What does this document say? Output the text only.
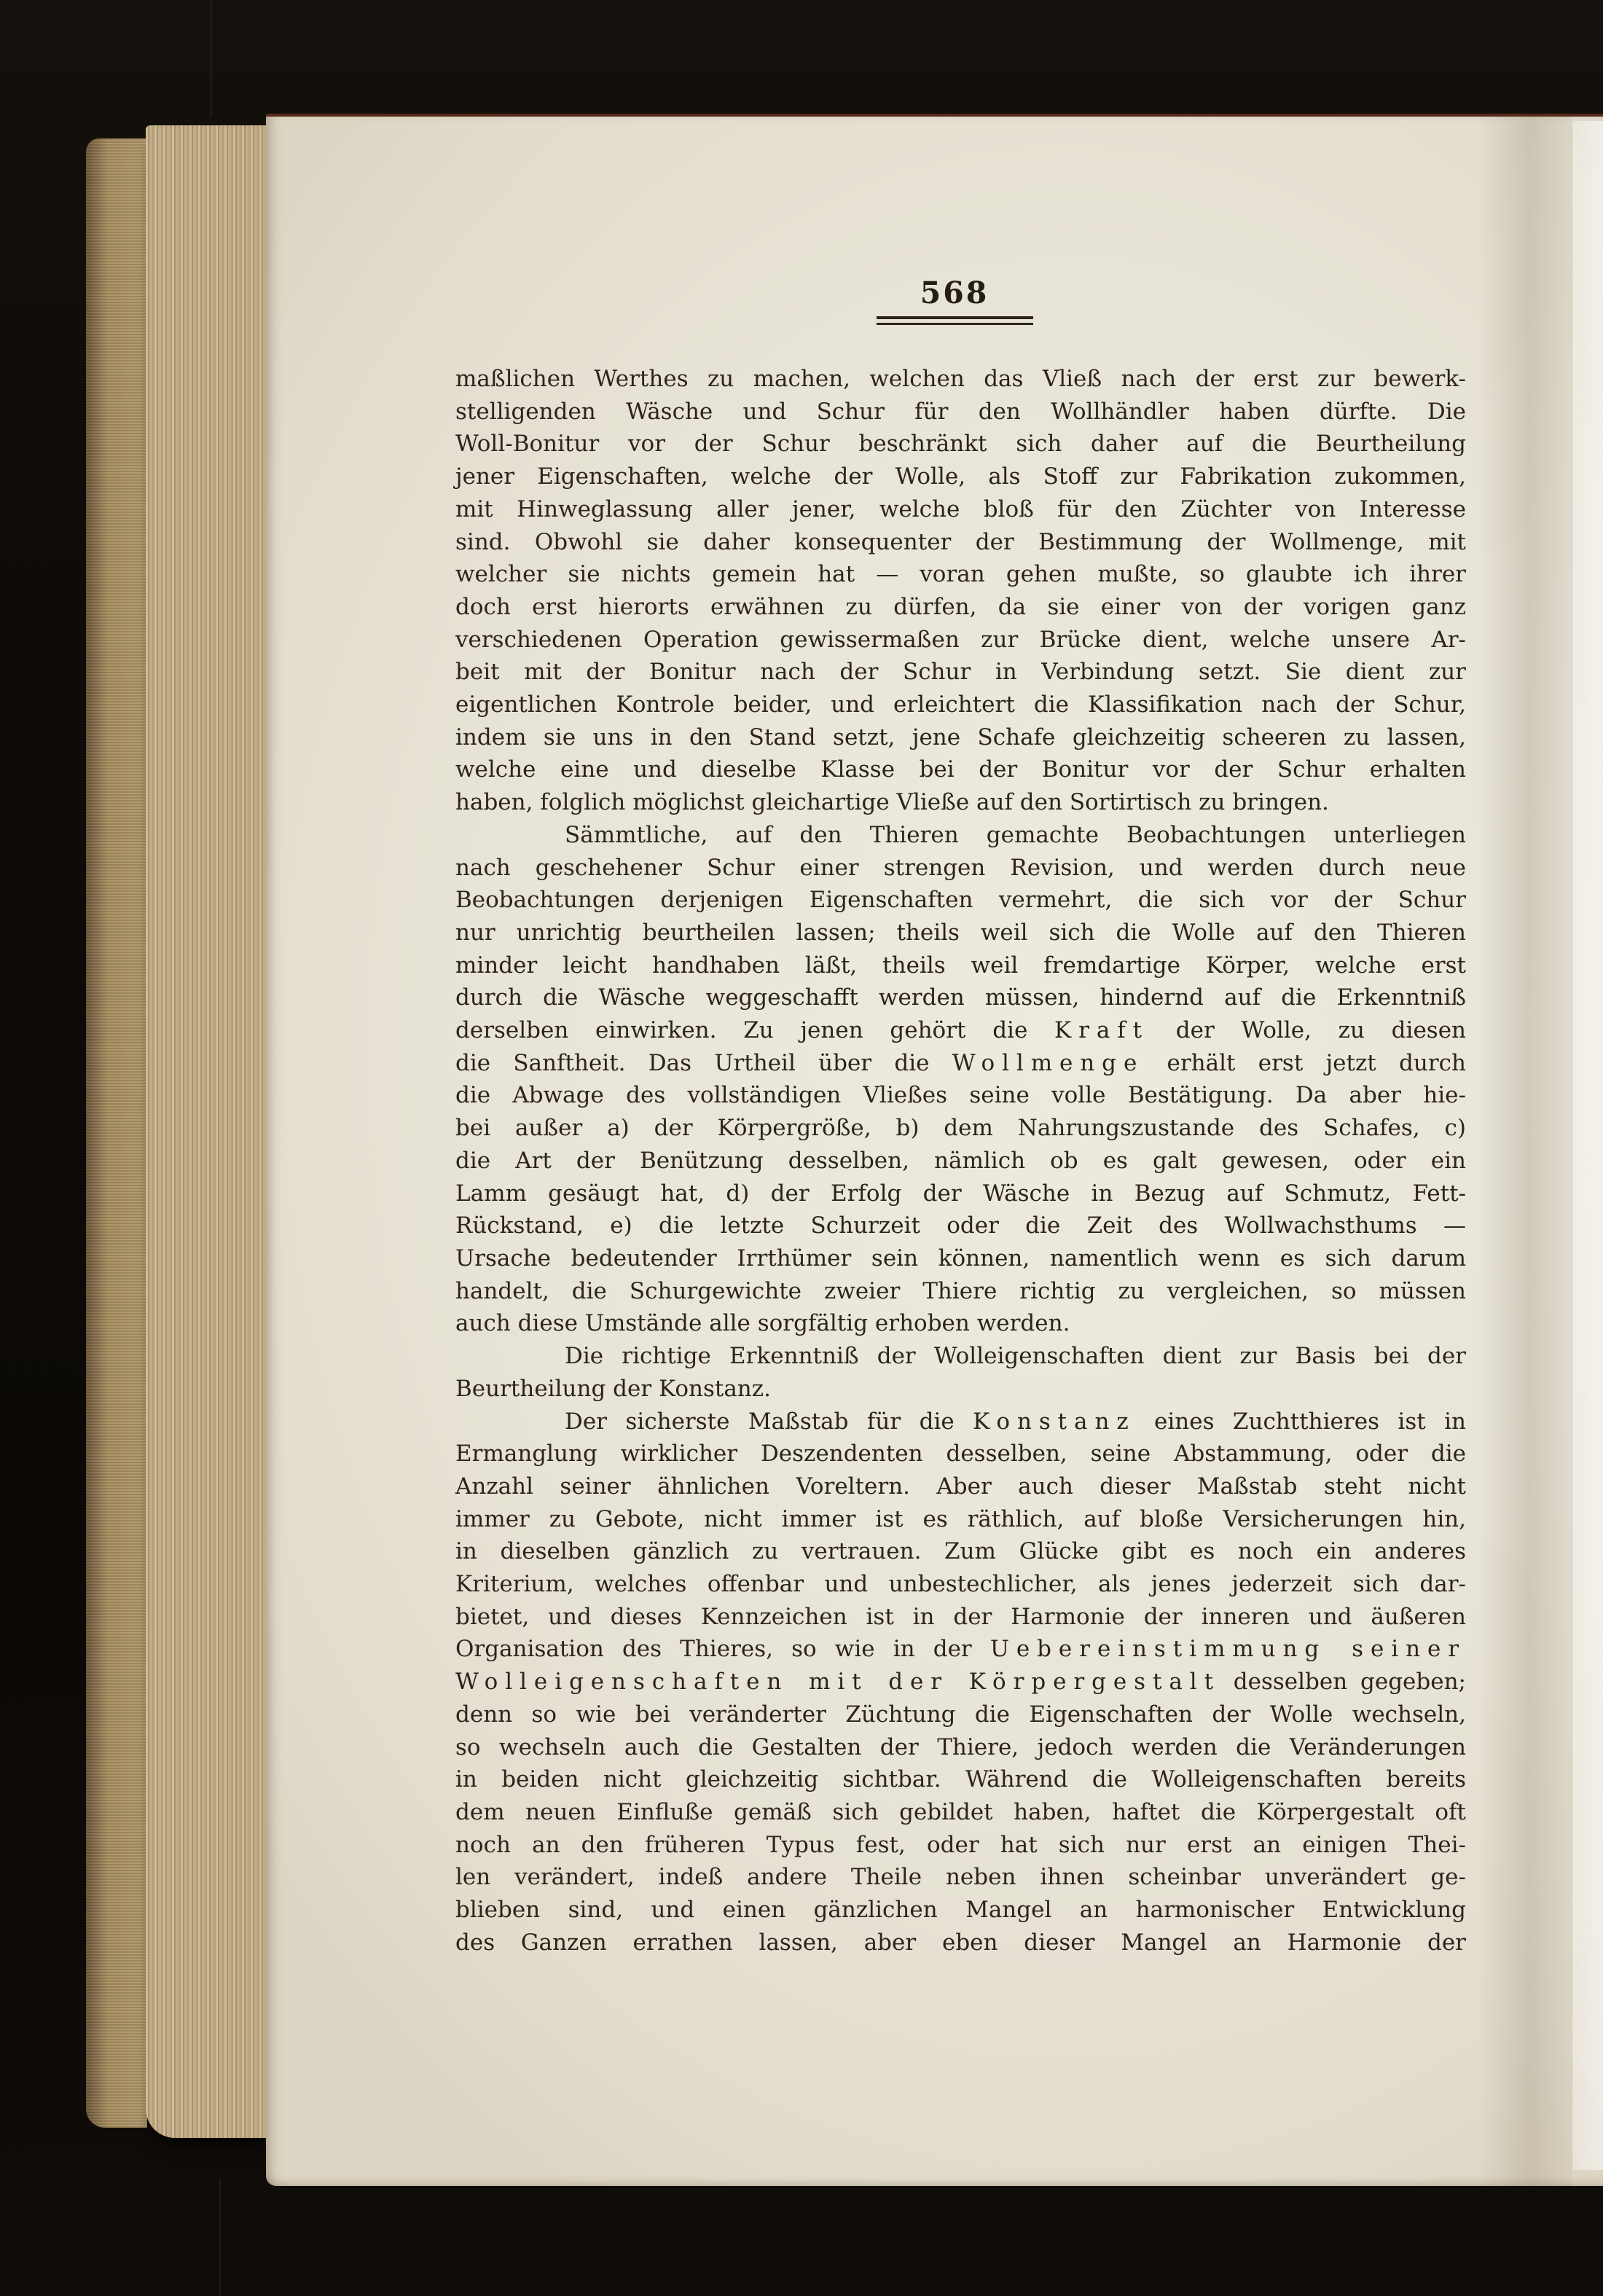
568
maßlichen Werthes zu machen, welchen das Vließ nach der erst zur bewerk-
stelligenden Wäsche und Schur für den Wollhändler haben dürfte. Die
Woll-Bonitur vor der Schur beschränkt sich daher auf die Beurtheilung
jener Eigenschaften, welche der Wolle, als Stoff zur Fabrikation zukommen,
mit Hinweglassung aller jener, welche bloß für den Züchter von Interesse
sind. Obwohl sie daher konsequenter der Bestimmung der Wollmenge, mit
welcher sie nichts gemein hat — voran gehen mußte, so glaubte ich ihrer
doch erst hierorts erwähnen zu dürfen, da sie einer von der vorigen ganz
verschiedenen Operation gewissermaßen zur Brücke dient, welche unsere Ar-
beit mit der Bonitur nach der Schur in Verbindung setzt. Sie dient zur
eigentlichen Kontrole beider, und erleichtert die Klassifikation nach der Schur,
indem sie uns in den Stand setzt, jene Schafe gleichzeitig scheeren zu lassen,
welche eine und dieselbe Klasse bei der Bonitur vor der Schur erhalten
haben, folglich möglichst gleichartige Vließe auf den Sortirtisch zu bringen.
Sämmtliche, auf den Thieren gemachte Beobachtungen unterliegen
nach geschehener Schur einer strengen Revision, und werden durch neue
Beobachtungen derjenigen Eigenschaften vermehrt, die sich vor der Schur
nur unrichtig beurtheilen lassen; theils weil sich die Wolle auf den Thieren
minder leicht handhaben läßt, theils weil fremdartige Körper, welche erst
durch die Wäsche weggeschafft werden müssen, hindernd auf die Erkenntniß
derselben einwirken. Zu jenen gehört die Kraft der Wolle, zu diesen
die Sanftheit. Das Urtheil über die Wollmenge erhält erst jetzt durch
die Abwage des vollständigen Vließes seine volle Bestätigung. Da aber hie-
bei außer a) der Körpergröße, b) dem Nahrungszustande des Schafes, c)
die Art der Benützung desselben, nämlich ob es galt gewesen, oder ein
Lamm gesäugt hat, d) der Erfolg der Wäsche in Bezug auf Schmutz, Fett-
Rückstand, e) die letzte Schurzeit oder die Zeit des Wollwachsthums —
Ursache bedeutender Irrthümer sein können, namentlich wenn es sich darum
handelt, die Schurgewichte zweier Thiere richtig zu vergleichen, so müssen
auch diese Umstände alle sorgfältig erhoben werden.
Die richtige Erkenntniß der Wolleigenschaften dient zur Basis bei der
Beurtheilung der Konstanz.
Der sicherste Maßstab für die Konstanz eines Zuchtthieres ist in
Ermanglung wirklicher Deszendenten desselben, seine Abstammung, oder die
Anzahl seiner ähnlichen Voreltern. Aber auch dieser Maßstab steht nicht
immer zu Gebote, nicht immer ist es räthlich, auf bloße Versicherungen hin,
in dieselben gänzlich zu vertrauen. Zum Glücke gibt es noch ein anderes
Kriterium, welches offenbar und unbestechlicher, als jenes jederzeit sich dar-
bietet, und dieses Kennzeichen ist in der Harmonie der inneren und äußeren
Organisation des Thieres, so wie in der Uebereinstimmung seiner
Wolleigenschaften mit der Körpergestalt desselben gegeben;
denn so wie bei veränderter Züchtung die Eigenschaften der Wolle wechseln,
so wechseln auch die Gestalten der Thiere, jedoch werden die Veränderungen
in beiden nicht gleichzeitig sichtbar. Während die Wolleigenschaften bereits
dem neuen Einfluße gemäß sich gebildet haben, haftet die Körpergestalt oft
noch an den früheren Typus fest, oder hat sich nur erst an einigen Thei-
len verändert, indeß andere Theile neben ihnen scheinbar unverändert ge-
blieben sind, und einen gänzlichen Mangel an harmonischer Entwicklung
des Ganzen errathen lassen, aber eben dieser Mangel an Harmonie der
